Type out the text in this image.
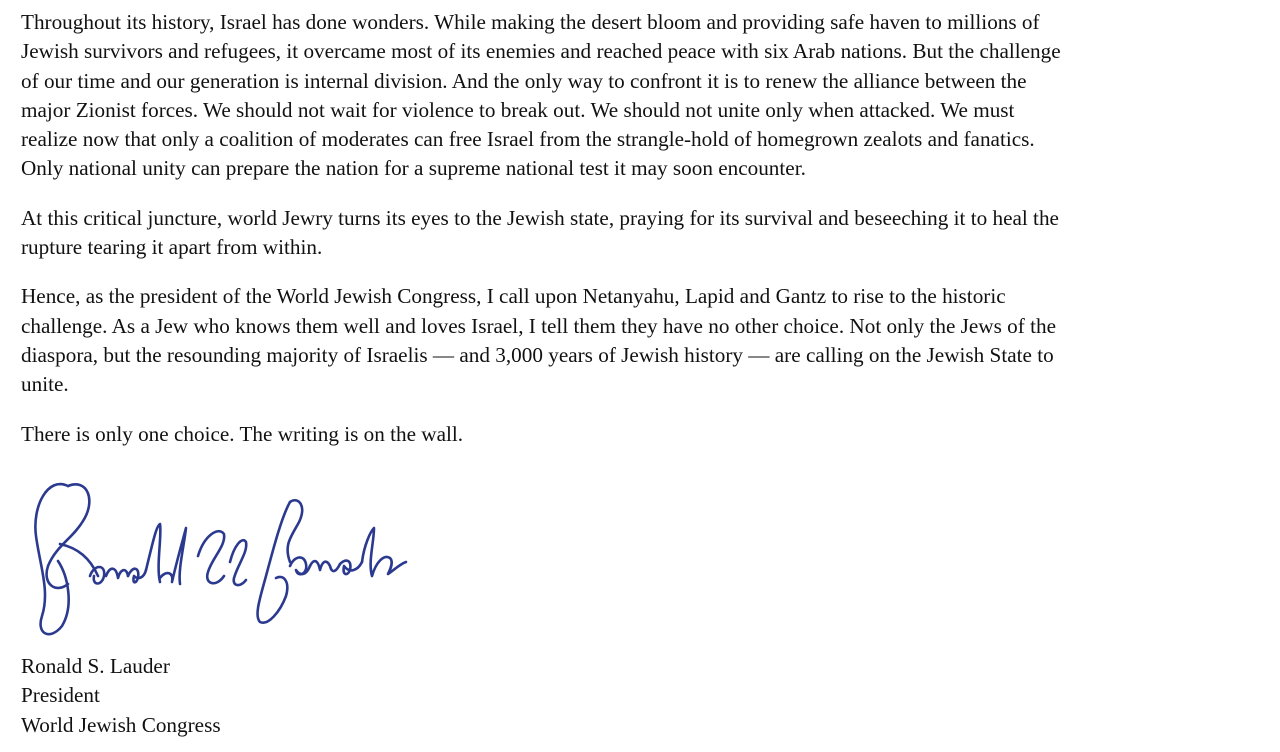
Throughout its history, Israel has done wonders. While making the desert bloom and providing safe haven to millions of
Jewish survivors and refugees, it overcame most of its enemies and reached peace with six Arab nations. But the challenge
of our time and our generation is internal division. And the only way to confront it is to renew the alliance between the
major Zionist forces. We should not wait for violence to break out. We should not unite only when attacked. We must
realize now that only a coalition of moderates can free Israel from the strangle-hold of homegrown zealots and fanatics.
Only national unity can prepare the nation for a supreme national test it may soon encounter.

At this critical juncture, world Jewry turns its eyes to the Jewish state, praying for its survival and beseeching it to heal the
rupture tearing it apart from within.

Hence, as the president of the World Jewish Congress, I call upon Netanyahu, Lapid and Gantz to rise to the historic
challenge. As a Jew who knows them well and loves Israel, I tell them they have no other choice. Not only the Jews of the
diaspora, but the resounding majority of Israelis — and 3,000 years of Jewish history — are calling on the Jewish State to
unite.

There is only one choice. The writing is on the wall.

Ronald S. Lauder
President
World Jewish Congress
